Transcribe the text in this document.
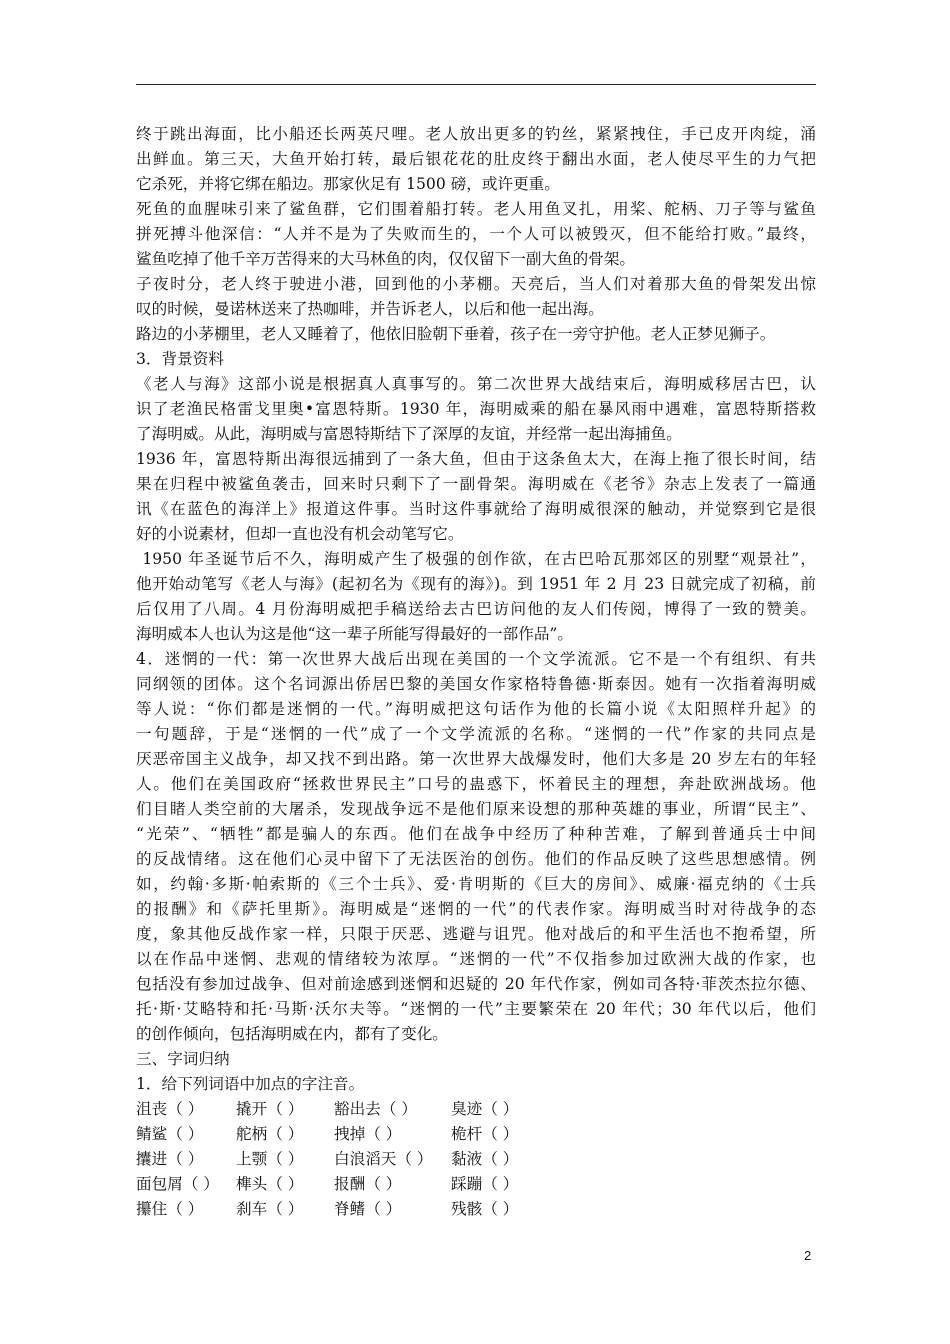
终于跳出海面，比小船还长两英尺哩。老人放出更多的钓丝，紧紧拽住，手已皮开肉绽，涌
出鲜血。第三天，大鱼开始打转，最后银花花的肚皮终于翻出水面，老人使尽平生的力气把
它杀死，并将它绑在船边。那家伙足有 1500 磅，或许更重。

死鱼的血腥味引来了鲨鱼群，它们围着船打转。老人用鱼叉扎，用桨、舵柄、刀子等与鲨鱼
拼死搏斗他深信：“人并不是为了失败而生的，一个人可以被毁灭，但不能给打败。”最终，
鲨鱼吃掉了他千辛万苦得来的大马林鱼的肉，仅仅留下一副大鱼的骨架。

子夜时分，老人终于驶进小港，回到他的小茅棚。天亮后，当人们对着那大鱼的骨架发出惊
叹的时候，曼诺林送来了热咖啡，并告诉老人，以后和他一起出海。

路边的小茅棚里，老人又睡着了，他依旧脸朝下垂着，孩子在一旁守护他。老人正梦见狮子。

3．背景资料

《老人与海》这部小说是根据真人真事写的。第二次世界大战结束后，海明威移居古巴，认
识了老渔民格雷戈里奥•富恩特斯。1930 年，海明威乘的船在暴风雨中遇难，富恩特斯搭救
了海明威。从此，海明威与富恩特斯结下了深厚的友谊，并经常一起出海捕鱼。

1936 年，富恩特斯出海很远捕到了一条大鱼，但由于这条鱼太大，在海上拖了很长时间，结
果在归程中被鲨鱼袭击，回来时只剩下了一副骨架。海明威在《老爷》杂志上发表了一篇通
讯《在蓝色的海洋上》报道这件事。当时这件事就给了海明威很深的触动，并觉察到它是很
好的小说素材，但却一直也没有机会动笔写它。

1950 年圣诞节后不久，海明威产生了极强的创作欲，在古巴哈瓦那郊区的别墅“观景社”，
他开始动笔写《老人与海》(起初名为《现有的海》)。到 1951 年 2 月 23 日就完成了初稿，前
后仅用了八周。4 月份海明威把手稿送给去古巴访问他的友人们传阅，博得了一致的赞美。
海明威本人也认为这是他“这一辈子所能写得最好的一部作品”。

4．迷惘的一代：第一次世界大战后出现在美国的一个文学流派。它不是一个有组织、有共
同纲领的团体。这个名词源出侨居巴黎的美国女作家格特鲁德·斯泰因。她有一次指着海明威
等人说：“你们都是迷惘的一代。”海明威把这句话作为他的长篇小说《太阳照样升起》的
一句题辞，于是“迷惘的一代”成了一个文学流派的名称。“迷惘的一代”作家的共同点是
厌恶帝国主义战争，却又找不到出路。第一次世界大战爆发时，他们大多是 20 岁左右的年轻
人。他们在美国政府“拯救世界民主”口号的蛊惑下，怀着民主的理想，奔赴欧洲战场。他
们目睹人类空前的大屠杀，发现战争远不是他们原来设想的那种英雄的事业，所谓“民主”、
“光荣”、“牺牲”都是骗人的东西。他们在战争中经历了种种苦难，了解到普通兵士中间
的反战情绪。这在他们心灵中留下了无法医治的创伤。他们的作品反映了这些思想感情。例
如，约翰·多斯·帕索斯的《三个士兵》、爱·肯明斯的《巨大的房间》、威廉·福克纳的《士兵
的报酬》和《萨托里斯》。海明威是“迷惘的一代”的代表作家。海明威当时对待战争的态
度，象其他反战作家一样，只限于厌恶、逃避与诅咒。他对战后的和平生活也不抱希望，所
以在作品中迷惘、悲观的情绪较为浓厚。“迷惘的一代”不仅指参加过欧洲大战的作家，也
包括没有参加过战争、但对前途感到迷惘和迟疑的 20 年代作家，例如司各特·菲茨杰拉尔德、
托·斯·艾略特和托·马斯·沃尔夫等。“迷惘的一代”主要繁荣在 20 年代；30 年代以后，他们
的创作倾向，包括海明威在内，都有了变化。

三、字词归纳

1．给下列词语中加点的字注音。

沮丧（ ）	撬开（ ）	豁出去（ ）	臭迹（ ）
鲭鲨（ ）	舵柄（ ）	拽掉（ ）	桅杆（ ）
攮进（ ）	上颚（ ）	白浪滔天（ ）	黏液（ ）
面包屑（ ）	榫头（ ）	报酬（ ）	踩蹦（ ）
攥住（ ）	刹车（ ）	脊鳍（ ）	残骸（ ）
2
